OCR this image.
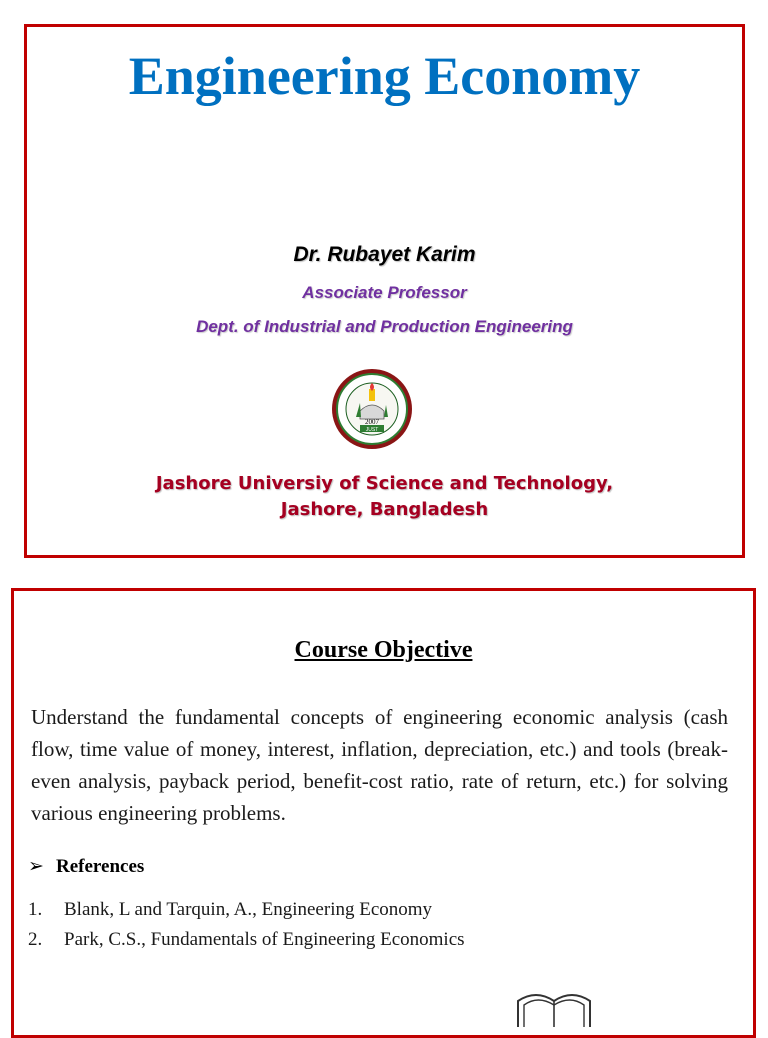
Engineering Economy
Dr. Rubayet Karim
Associate Professor
Dept. of Industrial and Production Engineering
2007
JUST
Jashore Universiy of Science and Technology,
Jashore, Bangladesh
Course Objective

Understand the fundamental concepts of engineering economic analysis (cash flow, time value of money, interest, inflation, depreciation, etc.) and tools (break-even analysis, payback period, benefit-cost ratio, rate of return, etc.) for solving various engineering problems.

➢ References
1. Blank, L and Tarquin, A., Engineering Economy
2. Park, C.S., Fundamentals of Engineering Economics
